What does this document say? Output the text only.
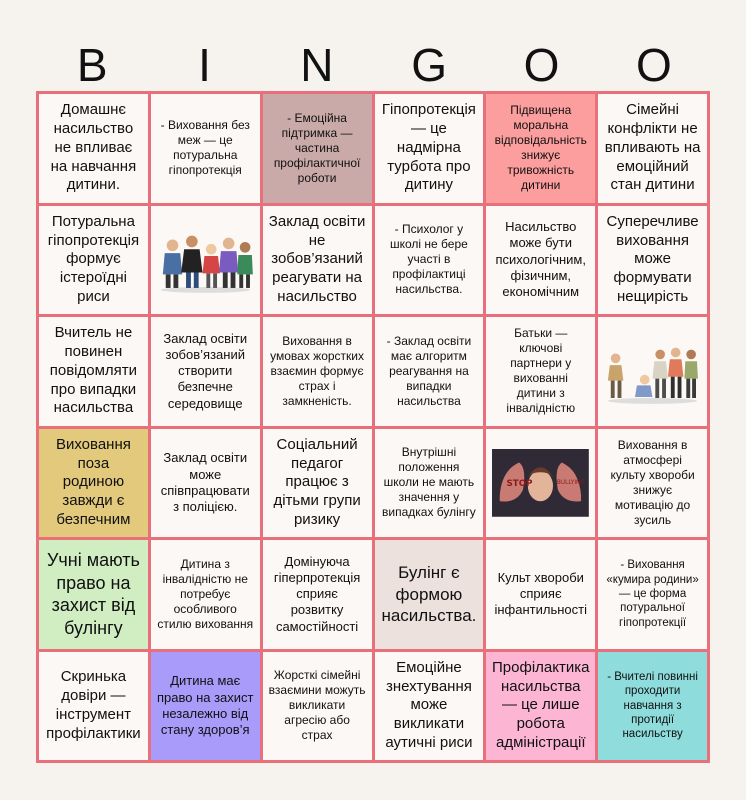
B	I	N	G	O	O
Домашнє насильство не впливає на навчання дитини.
- Виховання без меж — це потуральна гіпопротекція
- Емоційна підтримка — частина профілактичної роботи
Гіпопротекція — це надмірна турбота про дитину
Підвищена моральна відповідальність знижує тривожність дитини
Сімейні конфлікти не впливають на емоційний стан дитини
Потуральна гіпопротекція формує істероїдні риси
Заклад освіти не зобов’язаний реагувати на насильство
- Психолог у школі не бере участі в профілактиці насильства.
Насильство може бути психологічним, фізичним, економічним
Суперечливе виховання може формувати нещирість
Вчитель не повинен повідомляти про випадки насильства
Заклад освіти зобов’язаний створити безпечне середовище
Виховання в умовах жорстких взаємин формує страх і замкненість.
- Заклад освіти має алгоритм реагування на випадки насильства
Батьки — ключові партнери у вихованні дитини з інвалідністю
Виховання поза родиною завжди є безпечним
Заклад освіти може співпрацювати з поліцією.
Соціальний педагог працює з дітьми групи ризику
Внутрішні положення школи не мають значення у випадках булінгу
STOP	BULLYING
Виховання в атмосфері культу хвороби знижує мотивацію до зусиль
Учні мають право на захист від булінгу
Дитина з інвалідністю не потребує особливого стилю виховання
Домінуюча гіперпротекція сприяє розвитку самостійності
Булінг є формою насильства.
Культ хвороби сприяє інфантильності
- Виховання «кумира родини» — це форма потуральної гіпопротекції
Скринька довіри — інструмент профілактики
Дитина має право на захист незалежно від стану здоров’я
Жорсткі сімейні взаємини можуть викликати агресію або страх
Емоційне знехтування може викликати аутичні риси
Профілактика насильства — це лише робота адміністрації
- Вчителі повинні проходити навчання з протидії насильству
